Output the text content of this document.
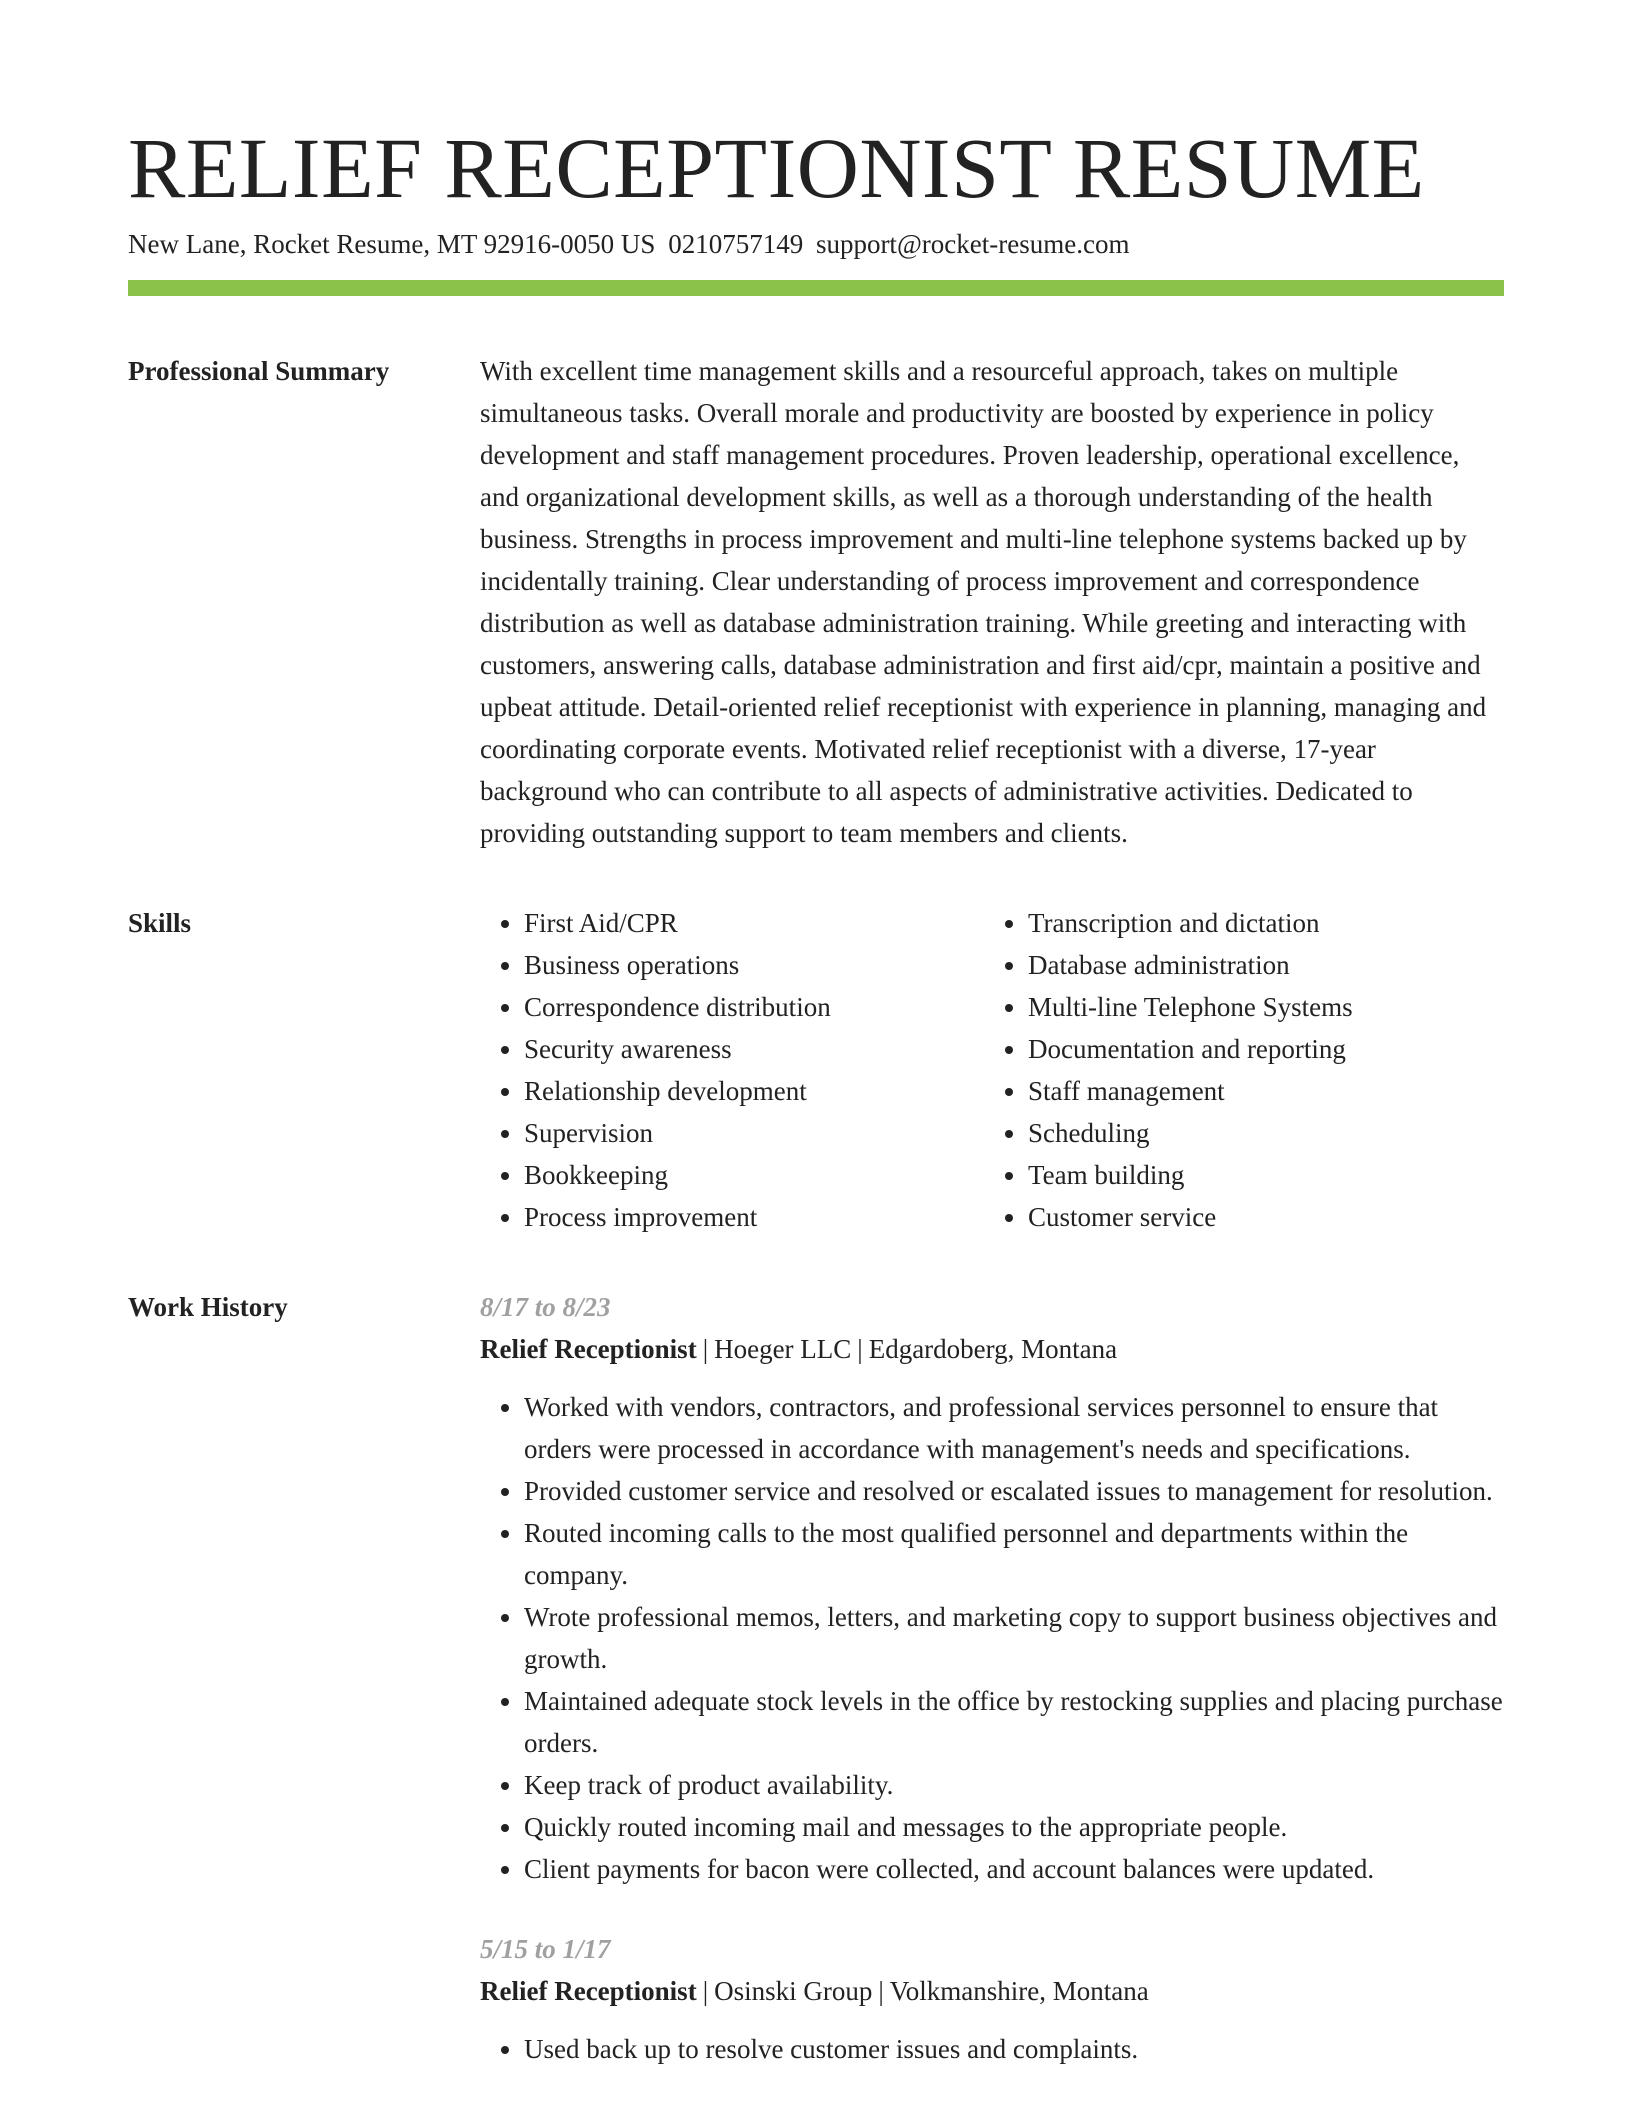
RELIEF RECEPTIONIST RESUME
New Lane, Rocket Resume, MT 92916-0050 US 0210757149 support@rocket-resume.com
Professional Summary	With excellent time management skills and a resourceful approach, takes on multiple simultaneous tasks. Overall morale and productivity are boosted by experience in policy development and staff management procedures. Proven leadership, operational excellence, and organizational development skills, as well as a thorough understanding of the health business. Strengths in process improvement and multi-line telephone systems backed up by incidentally training. Clear understanding of process improvement and correspondence distribution as well as database administration training. While greeting and interacting with customers, answering calls, database administration and first aid/cpr, maintain a positive and upbeat attitude. Detail-oriented relief receptionist with experience in planning, managing and coordinating corporate events. Motivated relief receptionist with a diverse, 17-year background who can contribute to all aspects of administrative activities. Dedicated to providing outstanding support to team members and clients.

Skills
•	First Aid/CPR
• Business operations
• Correspondence distribution
• Security awareness
• Relationship development
• Supervision
• Bookkeeping
• Process improvement
• Transcription and dictation
• Database administration
• Multi-line Telephone Systems
• Documentation and reporting
• Staff management
• Scheduling
• Team building
• Customer service
Work History	8/17 to 8/23
Relief Receptionist | Hoeger LLC | Edgardoberg, Montana
• Worked with vendors, contractors, and professional services personnel to ensure that orders were processed in accordance with management's needs and specifications.
• Provided customer service and resolved or escalated issues to management for resolution.
• Routed incoming calls to the most qualified personnel and departments within the company.
• Wrote professional memos, letters, and marketing copy to support business objectives and growth.
• Maintained adequate stock levels in the office by restocking supplies and placing purchase orders.
• Keep track of product availability.
• Quickly routed incoming mail and messages to the appropriate people.
• Client payments for bacon were collected, and account balances were updated.
5/15 to 1/17
Relief Receptionist | Osinski Group | Volkmanshire, Montana
• Used back up to resolve customer issues and complaints.
